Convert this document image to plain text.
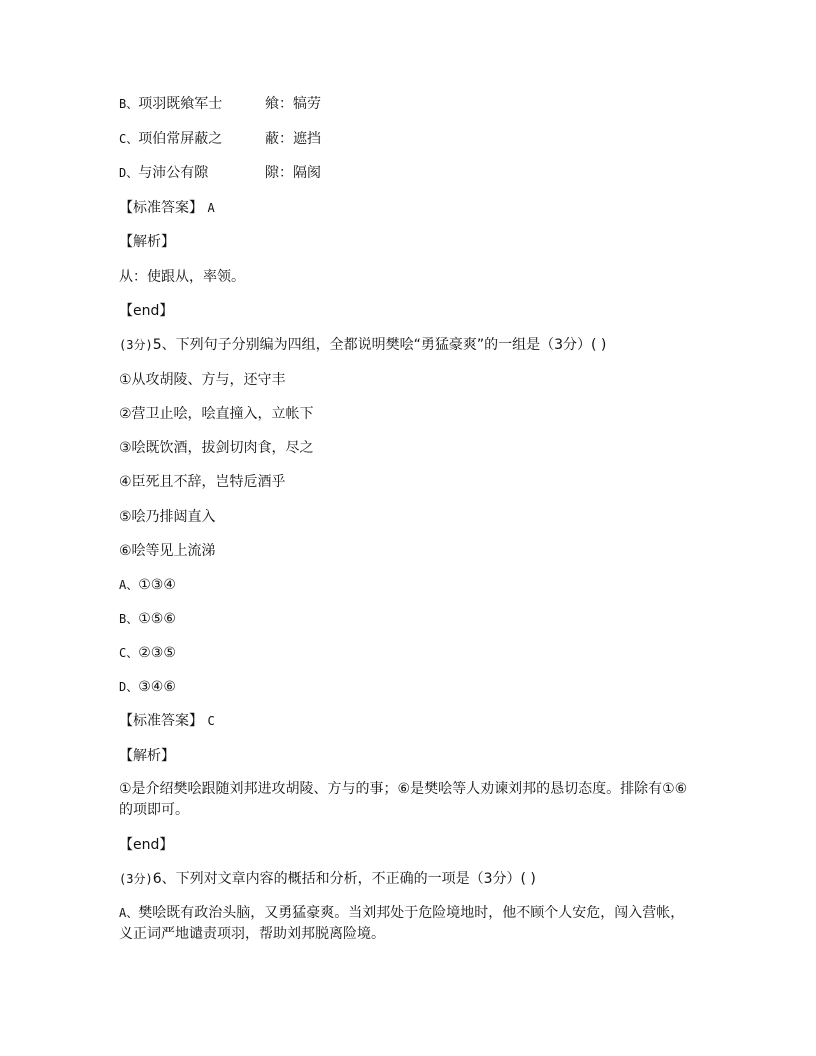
B、项羽既飨军士	飨：犒劳
C、项伯常屏蔽之	蔽：遮挡
D、与沛公有隙	隙：隔阂
【标准答案】 A
【解析】
从：使跟从，率领。
【end】
(3分)5、下列句子分别编为四组，全都说明樊哙“勇猛豪爽”的一组是（3分）( )
①从攻胡陵、方与，还守丰
②营卫止哙，哙直撞入，立帐下
③哙既饮酒，拔剑切肉食，尽之
④臣死且不辞，岂特卮酒乎
⑤哙乃排闼直入
⑥哙等见上流涕
A、①③④
B、①⑤⑥
C、②③⑤
D、③④⑥
【标准答案】 C
【解析】
①是介绍樊哙跟随刘邦进攻胡陵、方与的事；⑥是樊哙等人劝谏刘邦的恳切态度。排除有①⑥
的项即可。
【end】
(3分)6、下列对文章内容的概括和分析，不正确的一项是（3分）( )
A、樊哙既有政治头脑，又勇猛豪爽。当刘邦处于危险境地时，他不顾个人安危，闯入营帐，
义正词严地谴责项羽，帮助刘邦脱离险境。
